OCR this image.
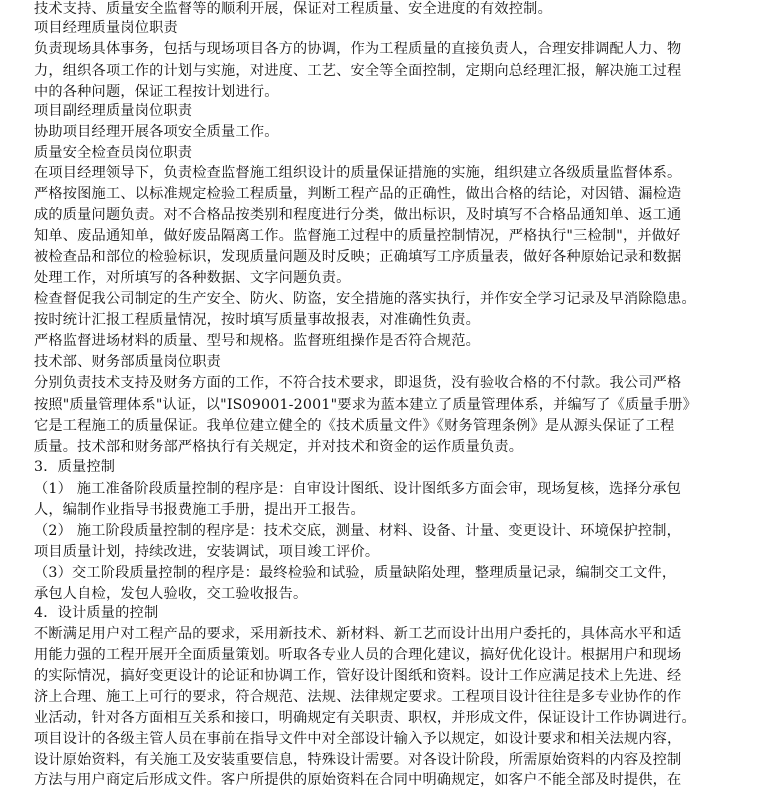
技术支持、质量安全监督等的顺利开展，保证对工程质量、安全进度的有效控制。
项目经理质量岗位职责
负责现场具体事务，包括与现场项目各方的协调，作为工程质量的直接负责人，合理安排调配人力、物
力，组织各项工作的计划与实施，对进度、工艺、安全等全面控制，定期向总经理汇报，解决施工过程
中的各种问题，保证工程按计划进行。
项目副经理质量岗位职责
协助项目经理开展各项安全质量工作。
质量安全检查员岗位职责
在项目经理领导下，负责检查监督施工组织设计的质量保证措施的实施，组织建立各级质量监督体系。
严格按图施工、以标准规定检验工程质量，判断工程产品的正确性，做出合格的结论，对因错、漏检造
成的质量问题负责。对不合格品按类别和程度进行分类，做出标识，及时填写不合格品通知单、返工通
知单、废品通知单，做好废品隔离工作。监督施工过程中的质量控制情况，严格执行"三检制"，并做好
被检查品和部位的检验标识，发现质量问题及时反映；正确填写工序质量表，做好各种原始记录和数据
处理工作，对所填写的各种数据、文字问题负责。
检查督促我公司制定的生产安全、防火、防盗，安全措施的落实执行，并作安全学习记录及早消除隐患。
按时统计汇报工程质量情况，按时填写质量事故报表，对准确性负责。
严格监督进场材料的质量、型号和规格。监督班组操作是否符合规范。
技术部、财务部质量岗位职责
分别负责技术支持及财务方面的工作，不符合技术要求，即退货，没有验收合格的不付款。我公司严格
按照"质量管理体系"认证，以"IS09001-2001"要求为蓝本建立了质量管理体系，并编写了《质量手册》
它是工程施工的质量保证。我单位建立健全的《技术质量文件》《财务管理条例》是从源头保证了工程
质量。技术部和财务部严格执行有关规定，并对技术和资金的运作质量负责。
3．质量控制
（1） 施工准备阶段质量控制的程序是：自审设计图纸、设计图纸多方面会审，现场复核，选择分承包
人，编制作业指导书报费施工手册，提出开工报告。
（2） 施工阶段质量控制的程序是：技术交底，测量、材料、设备、计量、变更设计、环境保护控制，
项目质量计划，持续改进，安装调试，项目竣工评价。
（3）交工阶段质量控制的程序是：最终检验和试验，质量缺陷处理，整理质量记录，编制交工文件，
承包人自检，发包人验收，交工验收报告。
4．设计质量的控制
不断满足用户对工程产品的要求，采用新技术、新材料、新工艺而设计出用户委托的，具体高水平和适
用能力强的工程开展开全面质量策划。听取各专业人员的合理化建议，搞好优化设计。根据用户和现场
的实际情况，搞好变更设计的论证和协调工作，管好设计图纸和资料。设计工作应满足技术上先进、经
济上合理、施工上可行的要求，符合规范、法规、法律规定要求。工程项目设计往往是多专业协作的作
业活动，针对各方面相互关系和接口，明确规定有关职责、职权，并形成文件，保证设计工作协调进行。
项目设计的各级主管人员在事前在指导文件中对全部设计输入予以规定，如设计要求和相关法规内容，
设计原始资料，有关施工及安装重要信息，特殊设计需要。对各设计阶段，所需原始资料的内容及控制
方法与用户商定后形成文件。客户所提供的原始资料在合同中明确规定，如客户不能全部及时提供，在
